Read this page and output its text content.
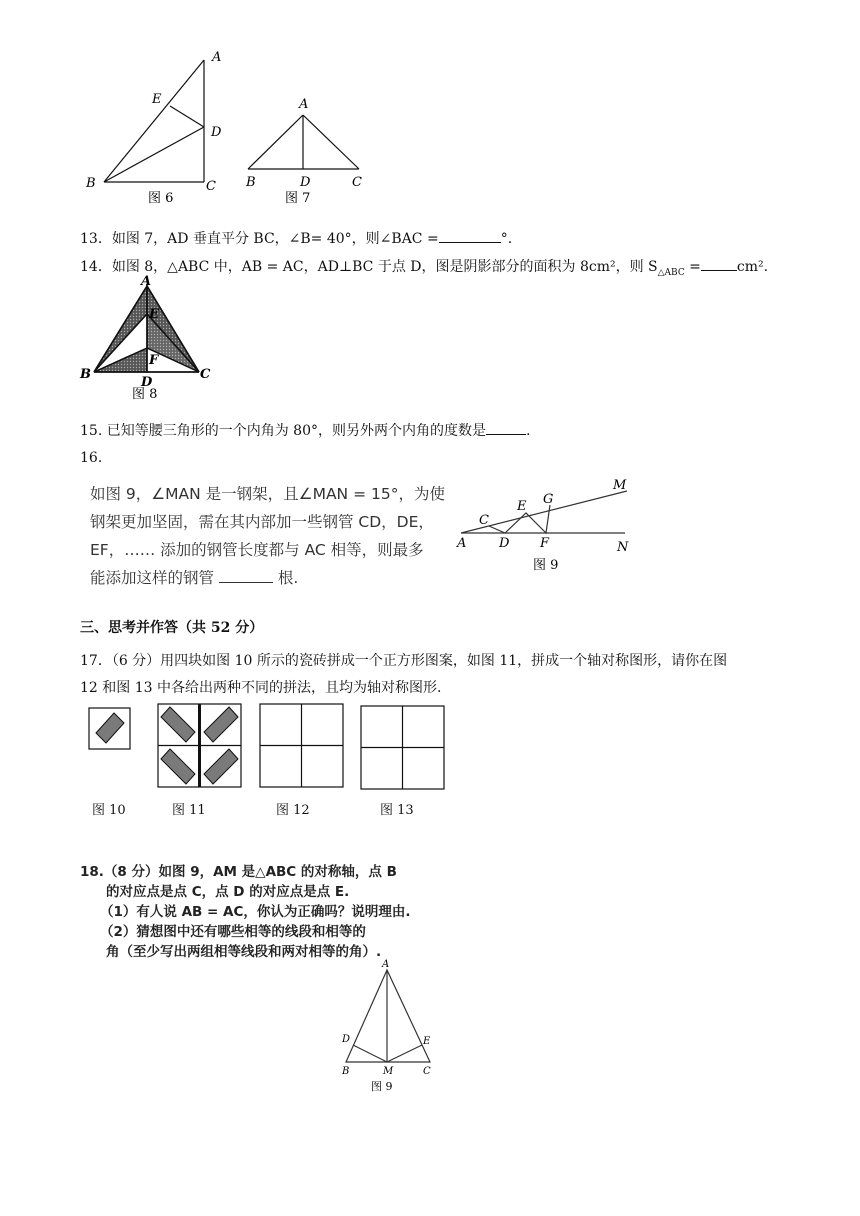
A
E
D
B	C
图 6
A
B	D	C
图 7
13．如图 7，AD 垂直平分 BC，∠B= 40°，则∠BAC =	°.
14．如图 8，△ABC 中，AB = AC，AD⊥BC 于点 D，图是阴影部分的面积为 8cm²，则 $S_{\triangle ABC}$ =	cm².
A
E
F
B	C
D
图 8
15. 已知等腰三角形的一个内角为 80°，则另外两个内角的度数是	.
16.
如图 9，∠MAN 是一钢架，且∠MAN = 15°，为使
钢架更加坚固，需在其内部加一些钢管 CD，DE，
EF，…… 添加的钢管长度都与 AC 相等，则最多
能添加这样的钢管	根.
M
G
E
C
A	D F	N
图 9
三、思考并作答（共 52 分）
17．（6 分）用四块如图 10 所示的瓷砖拼成一个正方形图案，如图 11，拼成一个轴对称图形，请你在图
12 和图 13 中各给出两种不同的拼法，且均为轴对称图形.
图 10	图 11	图 12	图 13
18.（8 分）如图 9，AM 是△ABC 的对称轴，点 B
的对应点是点 C，点 D 的对应点是点 E.
（1）有人说 AB = AC，你认为正确吗？说明理由.
（2）猜想图中还有哪些相等的线段和相等的
角（至少写出两组相等线段和两对相等的角）.
A
D	E
B	M	C
图 9
